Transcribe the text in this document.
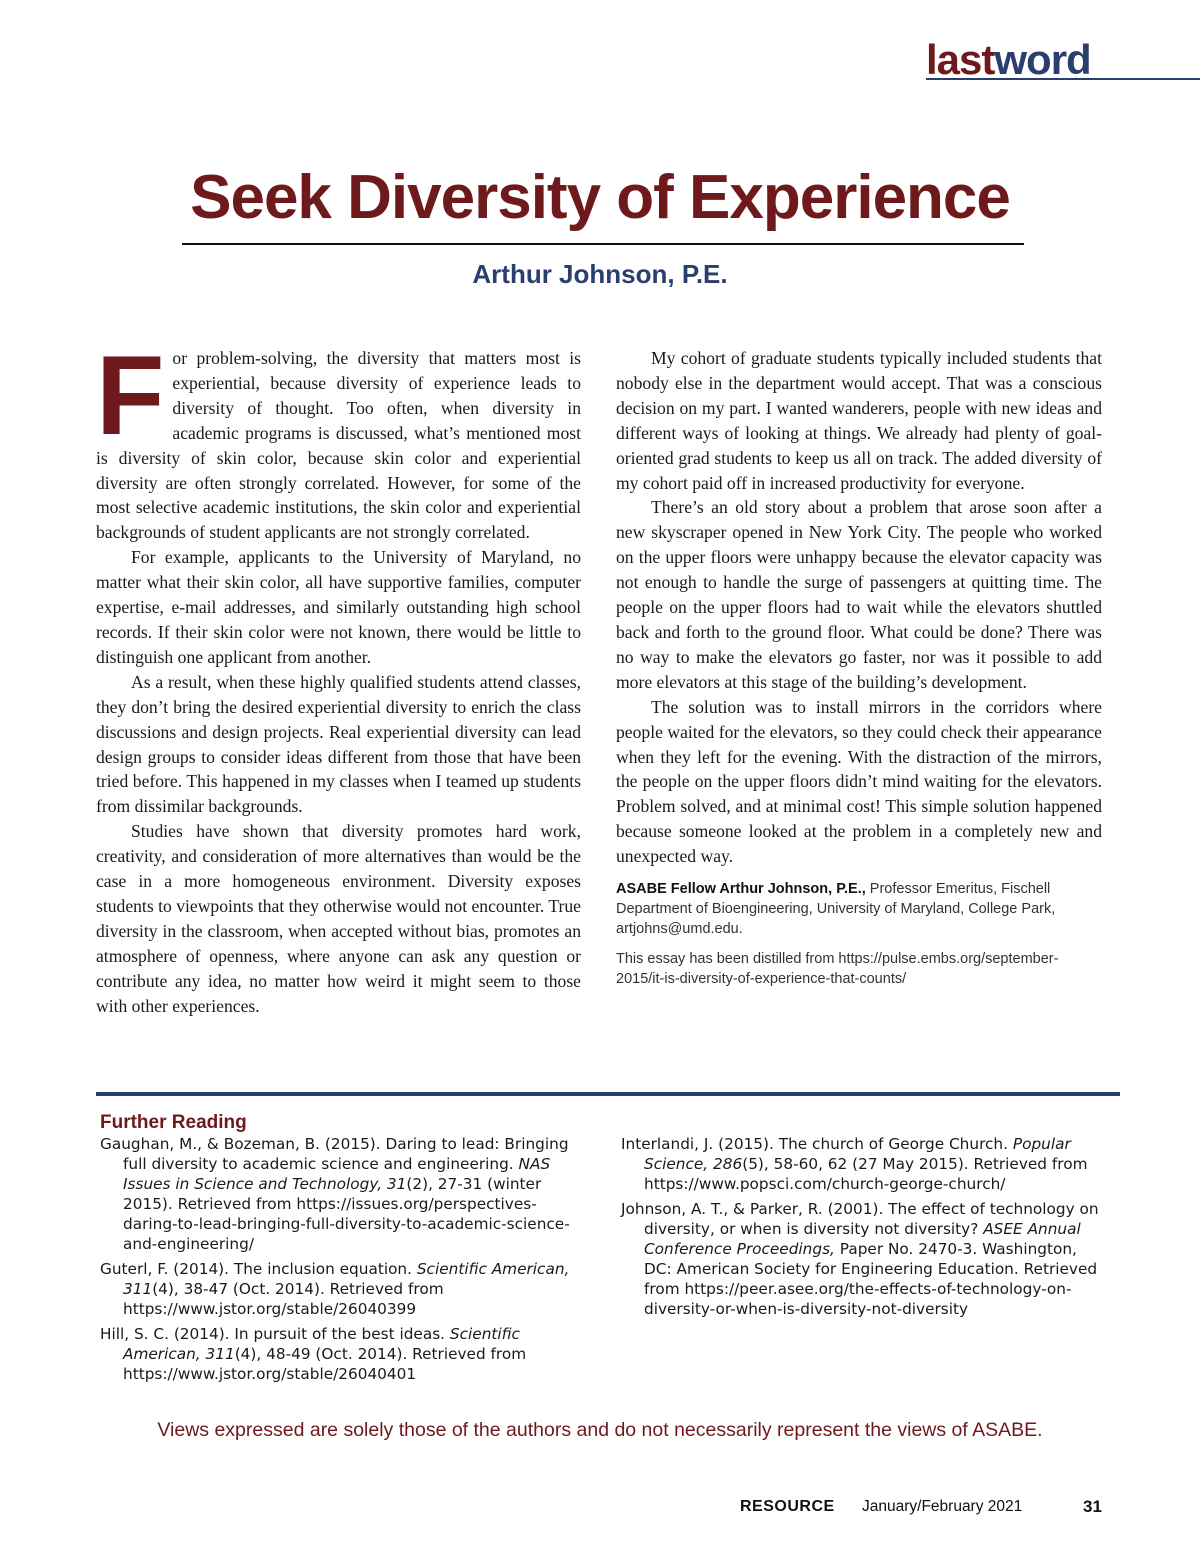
lastword
Seek Diversity of Experience
Arthur Johnson, P.E.

For problem-solving, the diversity that matters most is experiential, because diversity of experience leads to diversity of thought. Too often, when diversity in academic programs is discussed, what’s mentioned most is diversity of skin color, because skin color and experiential diversity are often strongly correlated. However, for some of the most selective academic institutions, the skin color and experiential backgrounds of student applicants are not strongly correlated.

For example, applicants to the University of Maryland, no matter what their skin color, all have supportive families, computer expertise, e-mail addresses, and similarly outstanding high school records. If their skin color were not known, there would be little to distinguish one applicant from another.

As a result, when these highly qualified students attend classes, they don’t bring the desired experiential diversity to enrich the class discussions and design projects. Real experiential diversity can lead design groups to consider ideas different from those that have been tried before. This happened in my classes when I teamed up students from dissimilar backgrounds.

Studies have shown that diversity promotes hard work, creativity, and consideration of more alternatives than would be the case in a more homogeneous environment. Diversity exposes students to viewpoints that they otherwise would not encounter. True diversity in the classroom, when accepted without bias, promotes an atmosphere of openness, where anyone can ask any question or contribute any idea, no matter how weird it might seem to those with other experiences.

My cohort of graduate students typically included students that nobody else in the department would accept. That was a conscious decision on my part. I wanted wanderers, people with new ideas and different ways of looking at things. We already had plenty of goal-oriented grad students to keep us all on track. The added diversity of my cohort paid off in increased productivity for everyone.

There’s an old story about a problem that arose soon after a new skyscraper opened in New York City. The people who worked on the upper floors were unhappy because the elevator capacity was not enough to handle the surge of passengers at quitting time. The people on the upper floors had to wait while the elevators shuttled back and forth to the ground floor. What could be done? There was no way to make the elevators go faster, nor was it possible to add more elevators at this stage of the building’s development.

The solution was to install mirrors in the corridors where people waited for the elevators, so they could check their appearance when they left for the evening. With the distraction of the mirrors, the people on the upper floors didn’t mind waiting for the elevators. Problem solved, and at minimal cost! This simple solution happened because someone looked at the problem in a completely new and unexpected way.

ASABE Fellow Arthur Johnson, P.E., Professor Emeritus, Fischell Department of Bioengineering, University of Maryland, College Park, artjohns@umd.edu.
This essay has been distilled from https://pulse.embs.org/september-2015/it-is-diversity-of-experience-that-counts/
Further Reading
Gaughan, M., & Bozeman, B. (2015). Daring to lead: Bringing full diversity to academic science and engineering. NAS Issues in Science and Technology, 31(2), 27-31 (winter 2015). Retrieved from https://issues.org/perspectives-daring-to-lead-bringing-full-diversity-to-academic-science-and-engineering/
Guterl, F. (2014). The inclusion equation. Scientific American, 311(4), 38-47 (Oct. 2014). Retrieved from https://www.jstor.org/stable/26040399
Hill, S. C. (2014). In pursuit of the best ideas. Scientific American, 311(4), 48-49 (Oct. 2014). Retrieved from https://www.jstor.org/stable/26040401
Interlandi, J. (2015). The church of George Church. Popular Science, 286(5), 58-60, 62 (27 May 2015). Retrieved from https://www.popsci.com/church-george-church/
Johnson, A. T., & Parker, R. (2001). The effect of technology on diversity, or when is diversity not diversity? ASEE Annual Conference Proceedings, Paper No. 2470-3. Washington, DC: American Society for Engineering Education. Retrieved from https://peer.asee.org/the-effects-of-technology-on-diversity-or-when-is-diversity-not-diversity
Views expressed are solely those of the authors and do not necessarily represent the views of ASABE.
RESOURCE January/February 2021	31
